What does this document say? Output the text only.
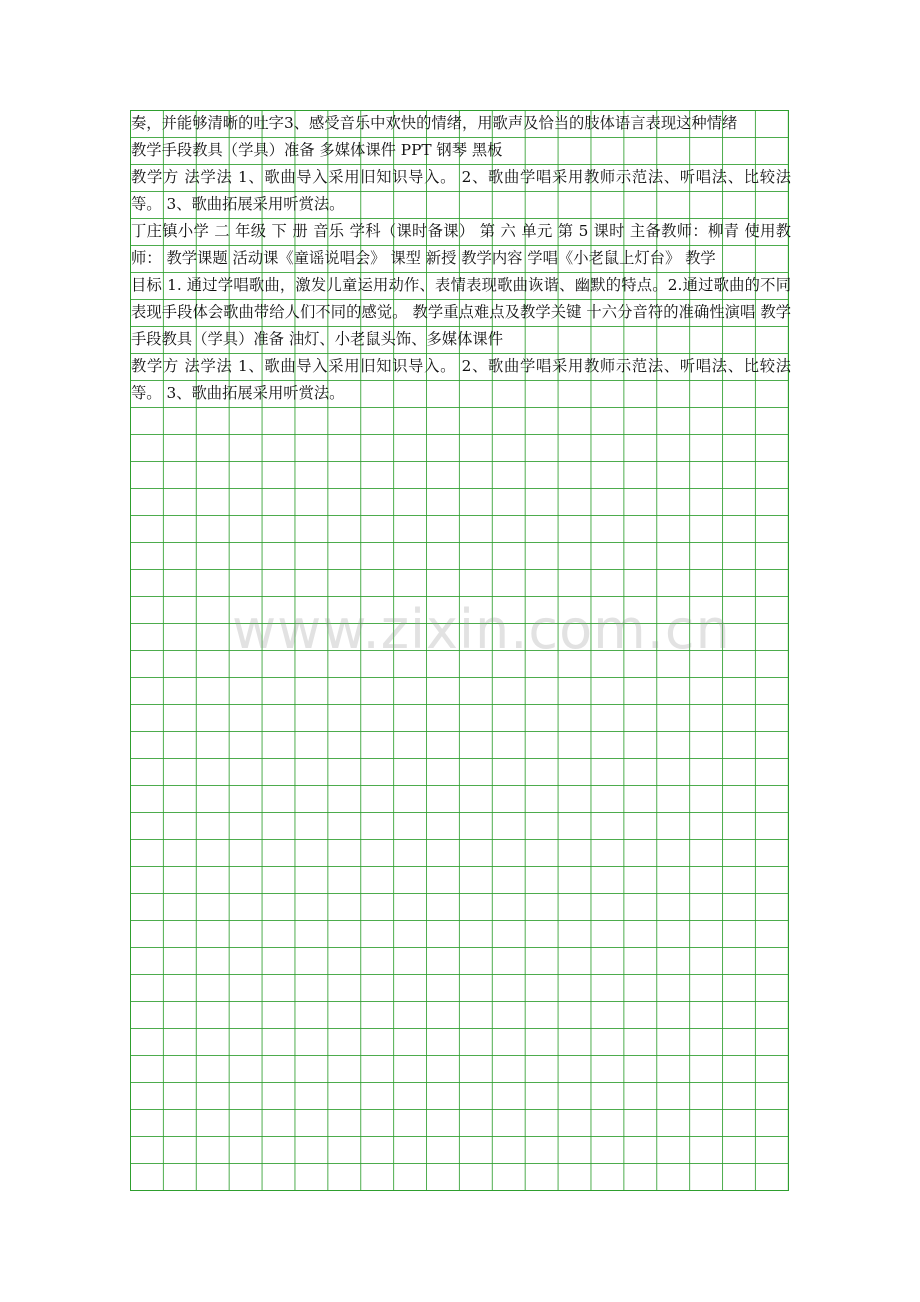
奏，并能够清晰的吐字3、感受音乐中欢快的情绪，用歌声及恰当的肢体语言表现这种情绪

教学手段教具（学具）准备 多媒体课件 PPT 钢琴 黑板

教学方 法学法 1、歌曲导入采用旧知识导入。 2、歌曲学唱采用教师示范法、听唱法、比较法等。 3、歌曲拓展采用听赏法。

丁庄镇小学 二 年级 下 册 音乐 学科（课时备课） 第 六 单元 第 5 课时 主备教师：柳青 使用教师： 教学课题 活动课《童谣说唱会》 课型 新授 教学内容 学唱《小老鼠上灯台》 教学

目标 1. 通过学唱歌曲，激发儿童运用动作、表情表现歌曲诙谐、幽默的特点。2.通过歌曲的不同表现手段体会歌曲带给人们不同的感觉。 教学重点难点及教学关键 十六分音符的准确性演唱 教学手段教具（学具）准备 油灯、小老鼠头饰、多媒体课件

教学方 法学法 1、歌曲导入采用旧知识导入。 2、歌曲学唱采用教师示范法、听唱法、比较法等。 3、歌曲拓展采用听赏法。

www.zixin.com.cn
